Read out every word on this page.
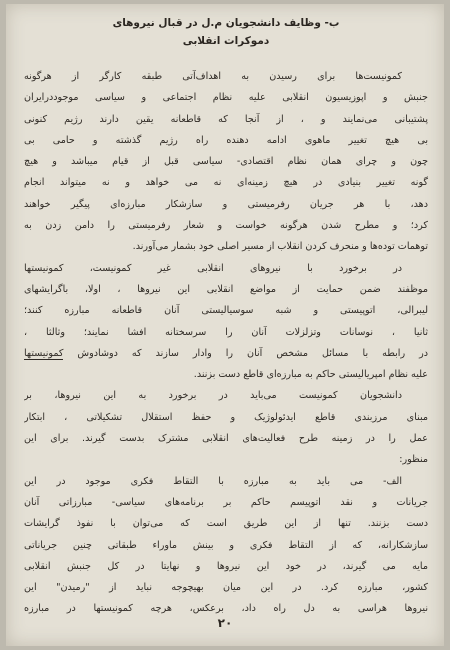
ب- وظایف دانشجویان م.ل در قبال نیروهای
دموکرات انقلابی
کمونیست‌ها برای رسیدن به اهداف‌آتی طبقه کارگر از هرگونه
جنبش و اپوزیسیون انقلابی علیه نظام اجتماعی و سیاسی موجوددرایران
پشتیبانی می‌نمایند و ، از آنجا که قاطعانه یقین دارند رژیم کنونی
بی هیچ تغییر ماهوی ادامه دهنده راه رژیم گذشته و حامی بی‌
چون و چرای همان نظام اقتصادی- سیاسی قبل از قیام میباشد و هیچ
گونه تغییر بنیادی در هیچ زمینه‌ای نه می خواهد و نه میتواند انجام
دهد، با هر جریان رفرمیستی و سازشکار مبارزه‌ای پیگیر خواهند
کرد؛ و مطرح شدن هرگونه خواست و شعار رفرمیستی را دامن زدن به
توهمات توده‌ها و منحرف کردن انقلاب از مسیر اصلی خود بشمار می‌آورند.
در برخورد با نیروهای انقلابی غیر کمونیست، کمونیستها
موظفند ضمن حمایت از مواضع انقلابی این نیروها ، اولا، باگرایشهای
لیبرالی، اتوپیستی و شبه سوسیالیستی آنان قاطعانه مبارزه کنند؛
ثانیا ، نوسانات وتزلزلات آنان را سرسختانه افشا نمایند؛ وثالثا ،
در رابطه با مسائل مشخص آنان را وادار سازند که دوشادوش کمونیستها
علیه نظام امپریالیستی حاکم به مبارزه‌ای قاطع دست بزنند.
دانشجویان کمونیست می‌باید در برخورد به این نیروها، بر
مبنای مرزبندی قاطع ایدئولوژیک و حفظ استقلال تشکیلاتی ، ابتکار
عمل را در زمینه طرح فعالیت‌های انقلابی مشترک بدست گیرند. برای این
منظور:
الف- می باید به مبارزه با التقاط فکری موجود در این
جریانات و نقد اتوپیسم حاکم بر برنامه‌های سیاسی- مبارزاتی آنان
دست بزنند. تنها از این طریق است که می‌توان با نفوذ گرایشات
سازشکارانه، که از التقاط فکری و بینش ماوراء طبقاتی چنین جریاناتی
مایه می گیرند، در خود این نیروها و نهایتا در کل جنبش انقلابی
کشور، مبارزه کرد. در این میان بهیچوجه نباید از "رمیدن" این
نیروها هراسی به دل راه داد، برعکس، هرچه کمونیستها در مبارزه
۲۰
